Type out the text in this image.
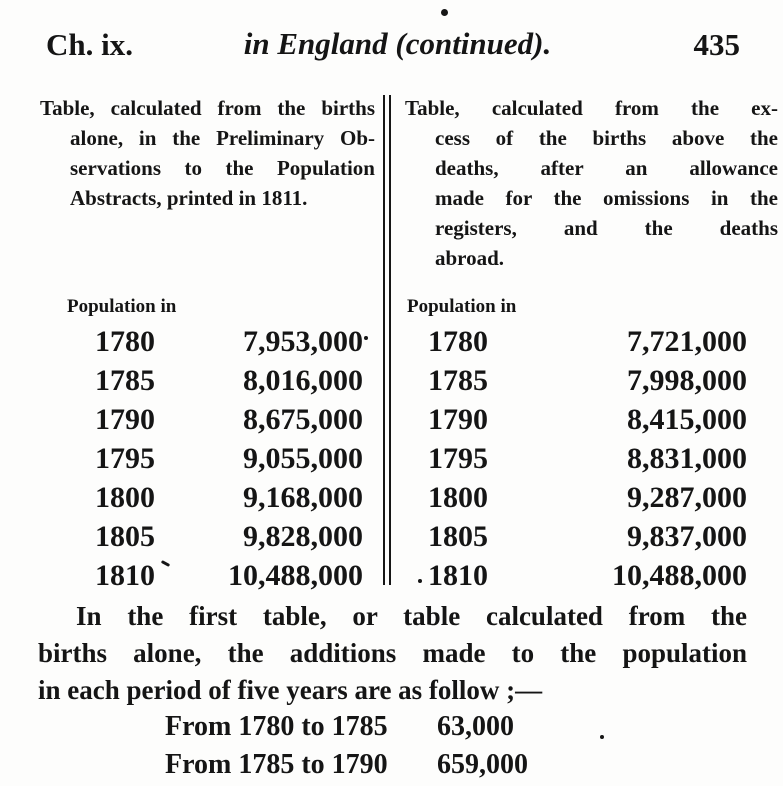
Ch. ix.	in England (continued).	435
Table, calculated from the births
alone, in the Preliminary Ob-
servations to the Population
Abstracts, printed in 1811.
Table, calculated from the ex-
cess of the births above the
deaths, after an allowance
made for the omissions in the
registers, and the deaths
abroad.
Population in
1780	7,953,000
1785	8,016,000
1790	8,675,000
1795	9,055,000
1800	9,168,000
1805	9,828,000
1810 10,488,000
Population in
1780	7,721,000
1785	7,998,000
1790	8,415,000
1795	8,831,000
1800	9,287,000
1805	9,837,000
1810	10,488,000
In the first table, or table calculated from the
births alone, the additions made to the population
in each period of five years are as follow ;—
From 1780 to 1785	63,000
From 1785 to 1790	659,000
